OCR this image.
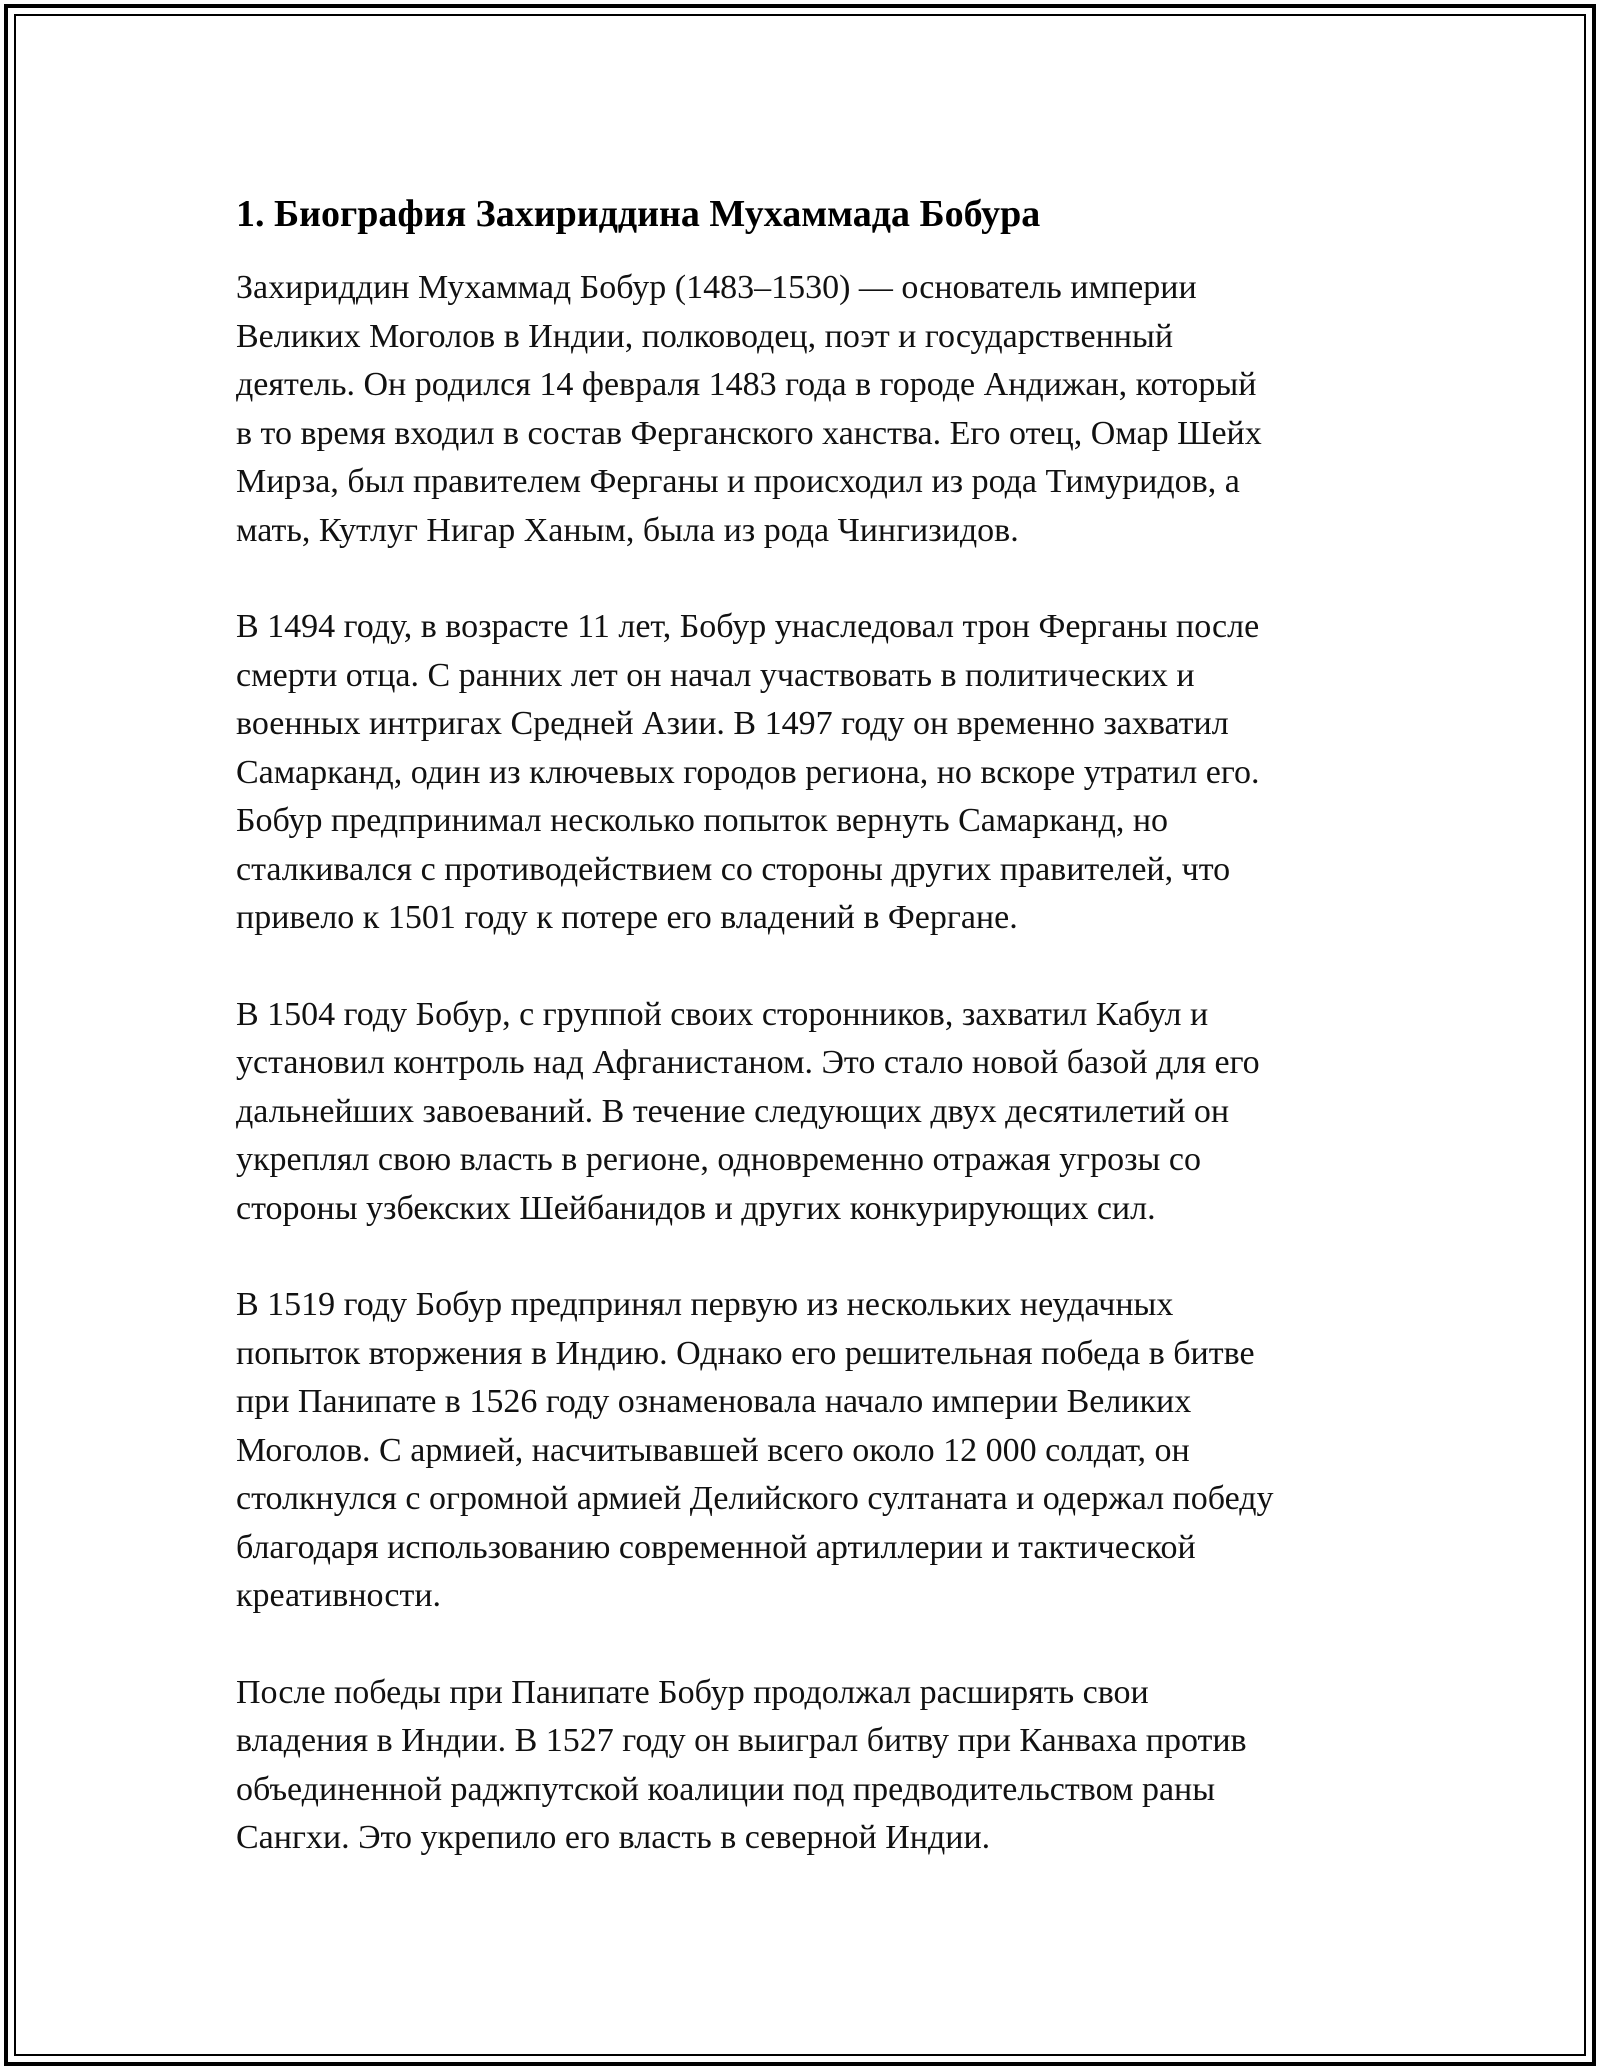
1. Биография Захириддина Мухаммада Бобура

Захириддин Мухаммад Бобур (1483–1530) — основатель империи
Великих Моголов в Индии, полководец, поэт и государственный
деятель. Он родился 14 февраля 1483 года в городе Андижан, который
в то время входил в состав Ферганского ханства. Его отец, Омар Шейх
Мирза, был правителем Ферганы и происходил из рода Тимуридов, а
мать, Кутлуг Нигар Ханым, была из рода Чингизидов.

В 1494 году, в возрасте 11 лет, Бобур унаследовал трон Ферганы после
смерти отца. С ранних лет он начал участвовать в политических и
военных интригах Средней Азии. В 1497 году он временно захватил
Самарканд, один из ключевых городов региона, но вскоре утратил его.
Бобур предпринимал несколько попыток вернуть Самарканд, но
сталкивался с противодействием со стороны других правителей, что
привело к 1501 году к потере его владений в Фергане.

В 1504 году Бобур, с группой своих сторонников, захватил Кабул и
установил контроль над Афганистаном. Это стало новой базой для его
дальнейших завоеваний. В течение следующих двух десятилетий он
укреплял свою власть в регионе, одновременно отражая угрозы со
стороны узбекских Шейбанидов и других конкурирующих сил.

В 1519 году Бобур предпринял первую из нескольких неудачных
попыток вторжения в Индию. Однако его решительная победа в битве
при Панипате в 1526 году ознаменовала начало империи Великих
Моголов. С армией, насчитывавшей всего около 12 000 солдат, он
столкнулся с огромной армией Делийского султаната и одержал победу
благодаря использованию современной артиллерии и тактической
креативности.

После победы при Панипате Бобур продолжал расширять свои
владения в Индии. В 1527 году он выиграл битву при Канваха против
объединенной раджпутской коалиции под предводительством раны
Сангхи. Это укрепило его власть в северной Индии.
